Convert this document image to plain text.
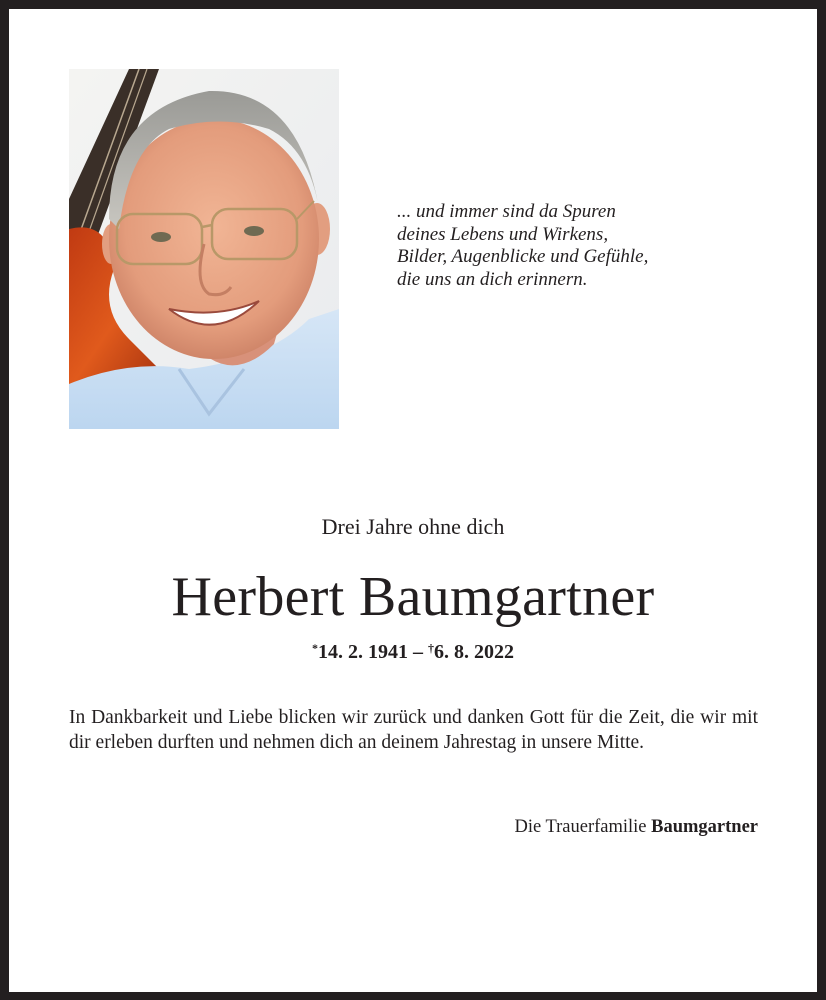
... und immer sind da Spuren
deines Lebens und Wirkens,
Bilder, Augenblicke und Gefühle,
die uns an dich erinnern.
Drei Jahre ohne dich
Herbert Baumgartner
*14. 2. 1941 – †6. 8. 2022

In Dankbarkeit und Liebe blicken wir zurück und danken Gott für die Zeit, die wir mit dir erleben durften und nehmen dich an deinem Jahrestag in unsere Mitte.

Die Trauerfamilie Baumgartner
